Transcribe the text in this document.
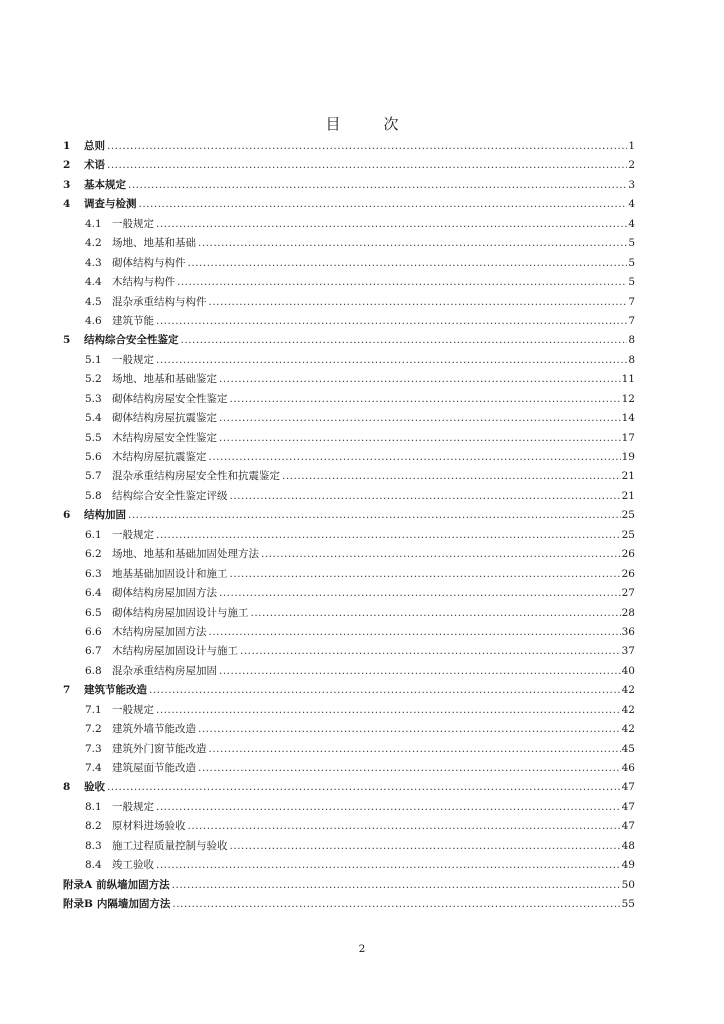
目　次
1	总则 .....	1
2	术语 .....	2
3	基本规定 .....	3
4	调查与检测 .....	4
4.1 一般规定 .....	4
4.2 场地、地基和基础 .....	5
4.3 砌体结构与构件 .....	5
4.4 木结构与构件 .....	5
4.5 混杂承重结构与构件 .....	7
4.6 建筑节能 .....	7
5	结构综合安全性鉴定 .....	8
5.1 一般规定 .....	8
5.2 场地、地基和基础鉴定 .....	11
5.3 砌体结构房屋安全性鉴定 .....	12
5.4 砌体结构房屋抗震鉴定 .....	14
5.5 木结构房屋安全性鉴定 .....	17
5.6 木结构房屋抗震鉴定 .....	19
5.7 混杂承重结构房屋安全性和抗震鉴定 .....	21
5.8 结构综合安全性鉴定评级 .....	21
6	结构加固 .....	25
6.1 一般规定 .....	25
6.2 场地、地基和基础加固处理方法 .....	26
6.3 地基基础加固设计和施工 .....	26
6.4 砌体结构房屋加固方法 .....	27
6.5 砌体结构房屋加固设计与施工 .....	28
6.6 木结构房屋加固方法 .....	36
6.7 木结构房屋加固设计与施工 .....	37
6.8 混杂承重结构房屋加固 .....	40
7	建筑节能改造 .....	42
7.1 一般规定 .....	42
7.2 建筑外墙节能改造 .....	42
7.3 建筑外门窗节能改造 .....	45
7.4 建筑屋面节能改造 .....	46
8	验收 .....	47
8.1 一般规定 .....	47
8.2 原材料进场验收 .....	47
8.3 施工过程质量控制与验收 .....	48
8.4 竣工验收 .....	49
附录A 前纵墙加固方法 .....	50
附录B 内隔墙加固方法 .....	55
2
